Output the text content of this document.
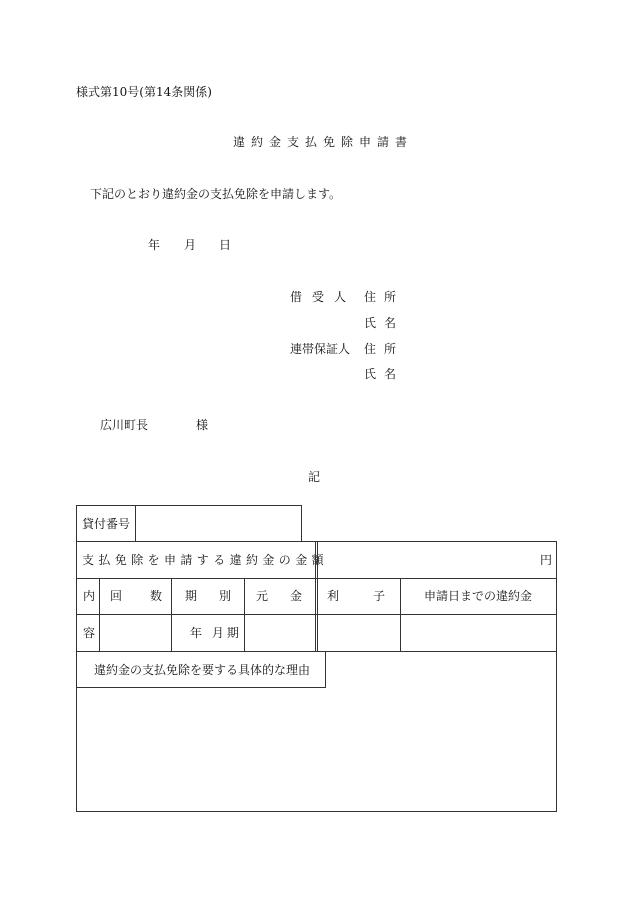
様式第10号(第14条関係)
違約金支払免除申請書
下記のとおり違約金の支払免除を申請します。
年 月 日
借受人 住所
氏名
連帯保証人 住所
氏名
広川町長	様
記
貸付番号
支払免除を申請する違約金の金額	円
内
容
回数
期別 元金 利子 申請日までの違約金
年 月期
違約金の支払免除を要する具体的な理由
